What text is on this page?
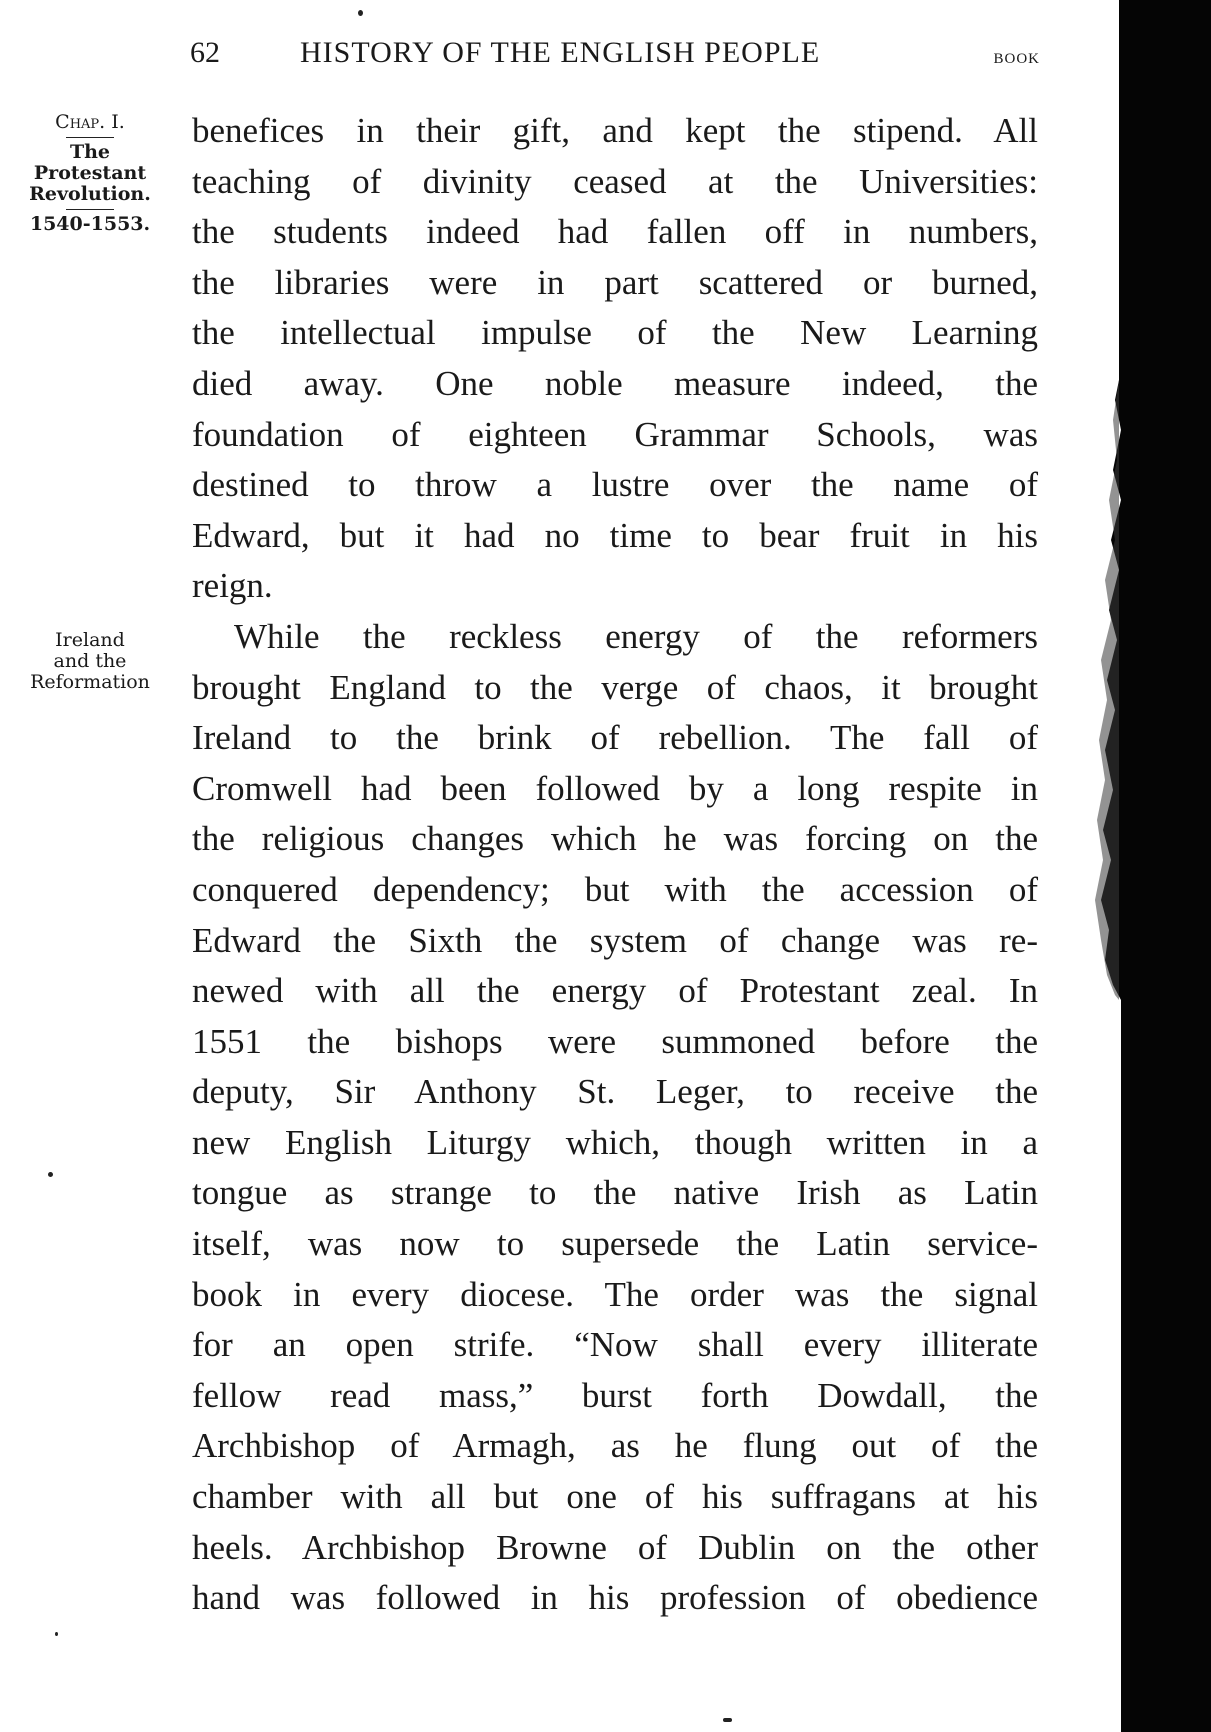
62	HISTORY OF THE ENGLISH PEOPLE	book
Chap. I.
The
Protestant
Revolution.
1540-1553.
Ireland
and the
Reformation
benefices in their gift, and kept the stipend. All
teaching of divinity ceased at the Universities:
the students indeed had fallen off in numbers,
the libraries were in part scattered or burned,
the intellectual impulse of the New Learning
died away. One noble measure indeed, the
foundation of eighteen Grammar Schools, was
destined to throw a lustre over the name of
Edward, but it had no time to bear fruit in his
reign.
While the reckless energy of the reformers
brought England to the verge of chaos, it brought
Ireland to the brink of rebellion. The fall of
Cromwell had been followed by a long respite in
the religious changes which he was forcing on the
conquered dependency; but with the accession of
Edward the Sixth the system of change was re-
newed with all the energy of Protestant zeal. In
1551 the bishops were summoned before the
deputy, Sir Anthony St. Leger, to receive the
new English Liturgy which, though written in a
tongue as strange to the native Irish as Latin
itself, was now to supersede the Latin service-
book in every diocese. The order was the signal
for an open strife. “Now shall every illiterate
fellow read mass,” burst forth Dowdall, the
Archbishop of Armagh, as he flung out of the
chamber with all but one of his suffragans at his
heels. Archbishop Browne of Dublin on the other
hand was followed in his profession of obedience
